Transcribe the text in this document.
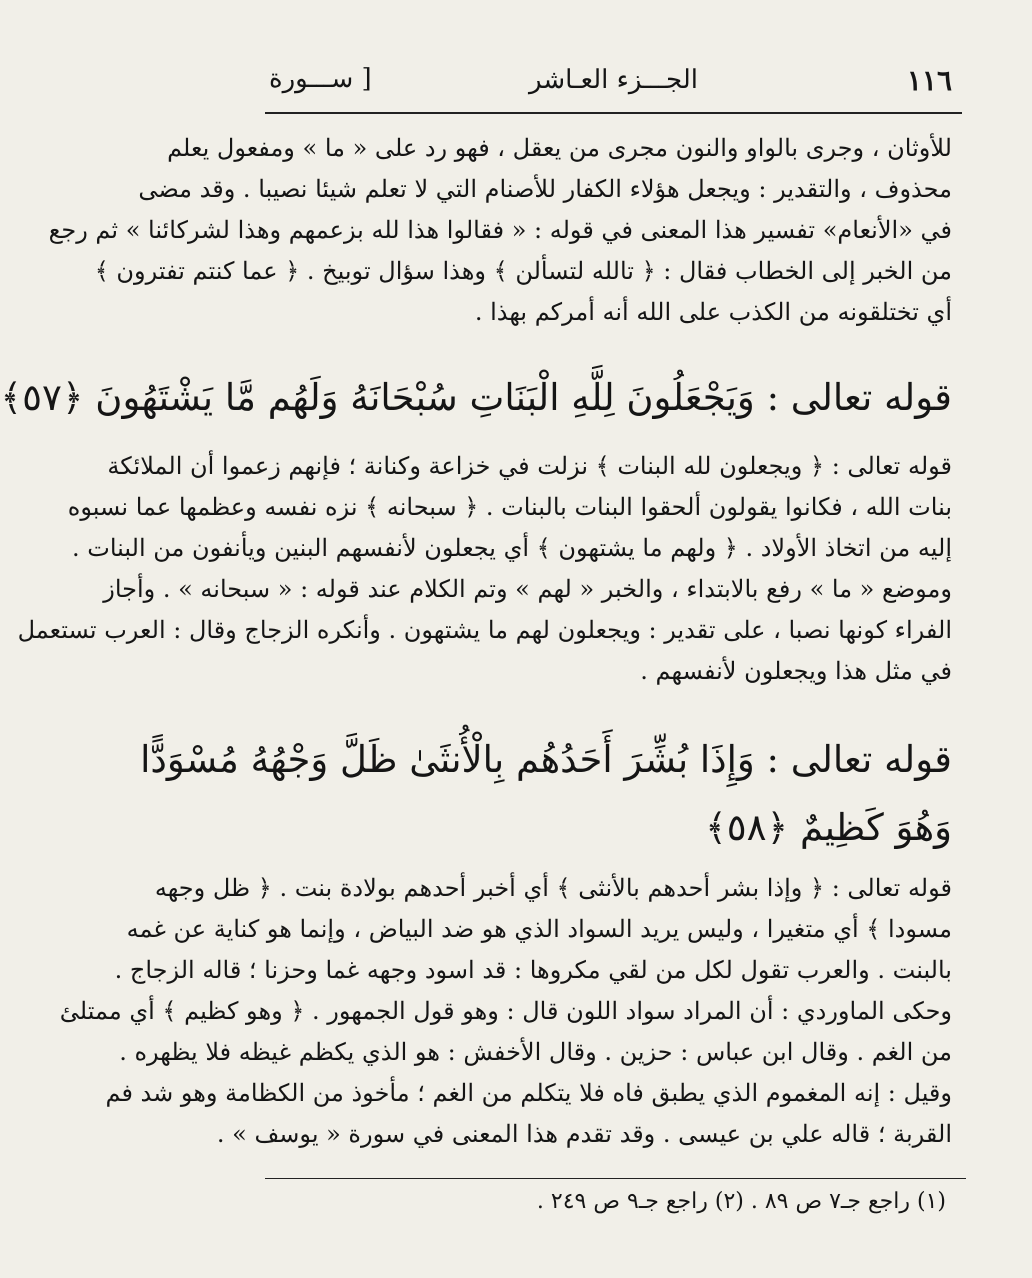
١١٦
الجـــزء العـاشر
[ ســـورة
للأوثان ، وجرى بالواو والنون مجرى من يعقل ، فهو رد على « ما » ومفعول يعلم
محذوف ، والتقدير : ويجعل هؤلاء الكفار للأصنام التي لا تعلم شيئا نصيبا . وقد مضى
في «الأنعام» تفسير هذا المعنى في قوله : « فقالوا هذا لله بزعمهم وهذا لشركائنا » ثم رجع
من الخبر إلى الخطاب فقال : ﴿ تالله لتسألن ﴾ وهذا سؤال توبيخ . ﴿ عما كنتم تفترون ﴾
أي تختلقونه من الكذب على الله أنه أمركم بهذا .
قوله تعالى : وَيَجْعَلُونَ لِلَّهِ الْبَنَاتِ سُبْحَانَهُ وَلَهُم مَّا يَشْتَهُونَ ﴿٥٧﴾
قوله تعالى : ﴿ ويجعلون لله البنات ﴾ نزلت في خزاعة وكنانة ؛ فإنهم زعموا أن الملائكة
بنات الله ، فكانوا يقولون ألحقوا البنات بالبنات . ﴿ سبحانه ﴾ نزه نفسه وعظمها عما نسبوه
إليه من اتخاذ الأولاد . ﴿ ولهم ما يشتهون ﴾ أي يجعلون لأنفسهم البنين ويأنفون من البنات .
وموضع « ما » رفع بالابتداء ، والخبر « لهم » وتم الكلام عند قوله : « سبحانه » . وأجاز
الفراء كونها نصبا ، على تقدير : ويجعلون لهم ما يشتهون . وأنكره الزجاج وقال : العرب تستعمل
في مثل هذا ويجعلون لأنفسهم .
قوله تعالى : وَإِذَا بُشِّرَ أَحَدُهُم بِالْأُنثَىٰ ظَلَّ وَجْهُهُ مُسْوَدًّا
وَهُوَ كَظِيمٌ ﴿٥٨﴾
قوله تعالى : ﴿ وإذا بشر أحدهم بالأنثى ﴾ أي أخبر أحدهم بولادة بنت . ﴿ ظل وجهه
مسودا ﴾ أي متغيرا ، وليس يريد السواد الذي هو ضد البياض ، وإنما هو كناية عن غمه
بالبنت . والعرب تقول لكل من لقي مكروها : قد اسود وجهه غما وحزنا ؛ قاله الزجاج .
وحكى الماوردي : أن المراد سواد اللون قال : وهو قول الجمهور . ﴿ وهو كظيم ﴾ أي ممتلئ
من الغم . وقال ابن عباس : حزين . وقال الأخفش : هو الذي يكظم غيظه فلا يظهره .
وقيل : إنه المغموم الذي يطبق فاه فلا يتكلم من الغم ؛ مأخوذ من الكظامة وهو شد فم
القربة ؛ قاله علي بن عيسى . وقد تقدم هذا المعنى في سورة « يوسف » .
(١) راجع جـ٧ ص ٨٩ . (٢) راجع جـ٩ ص ٢٤٩ .
